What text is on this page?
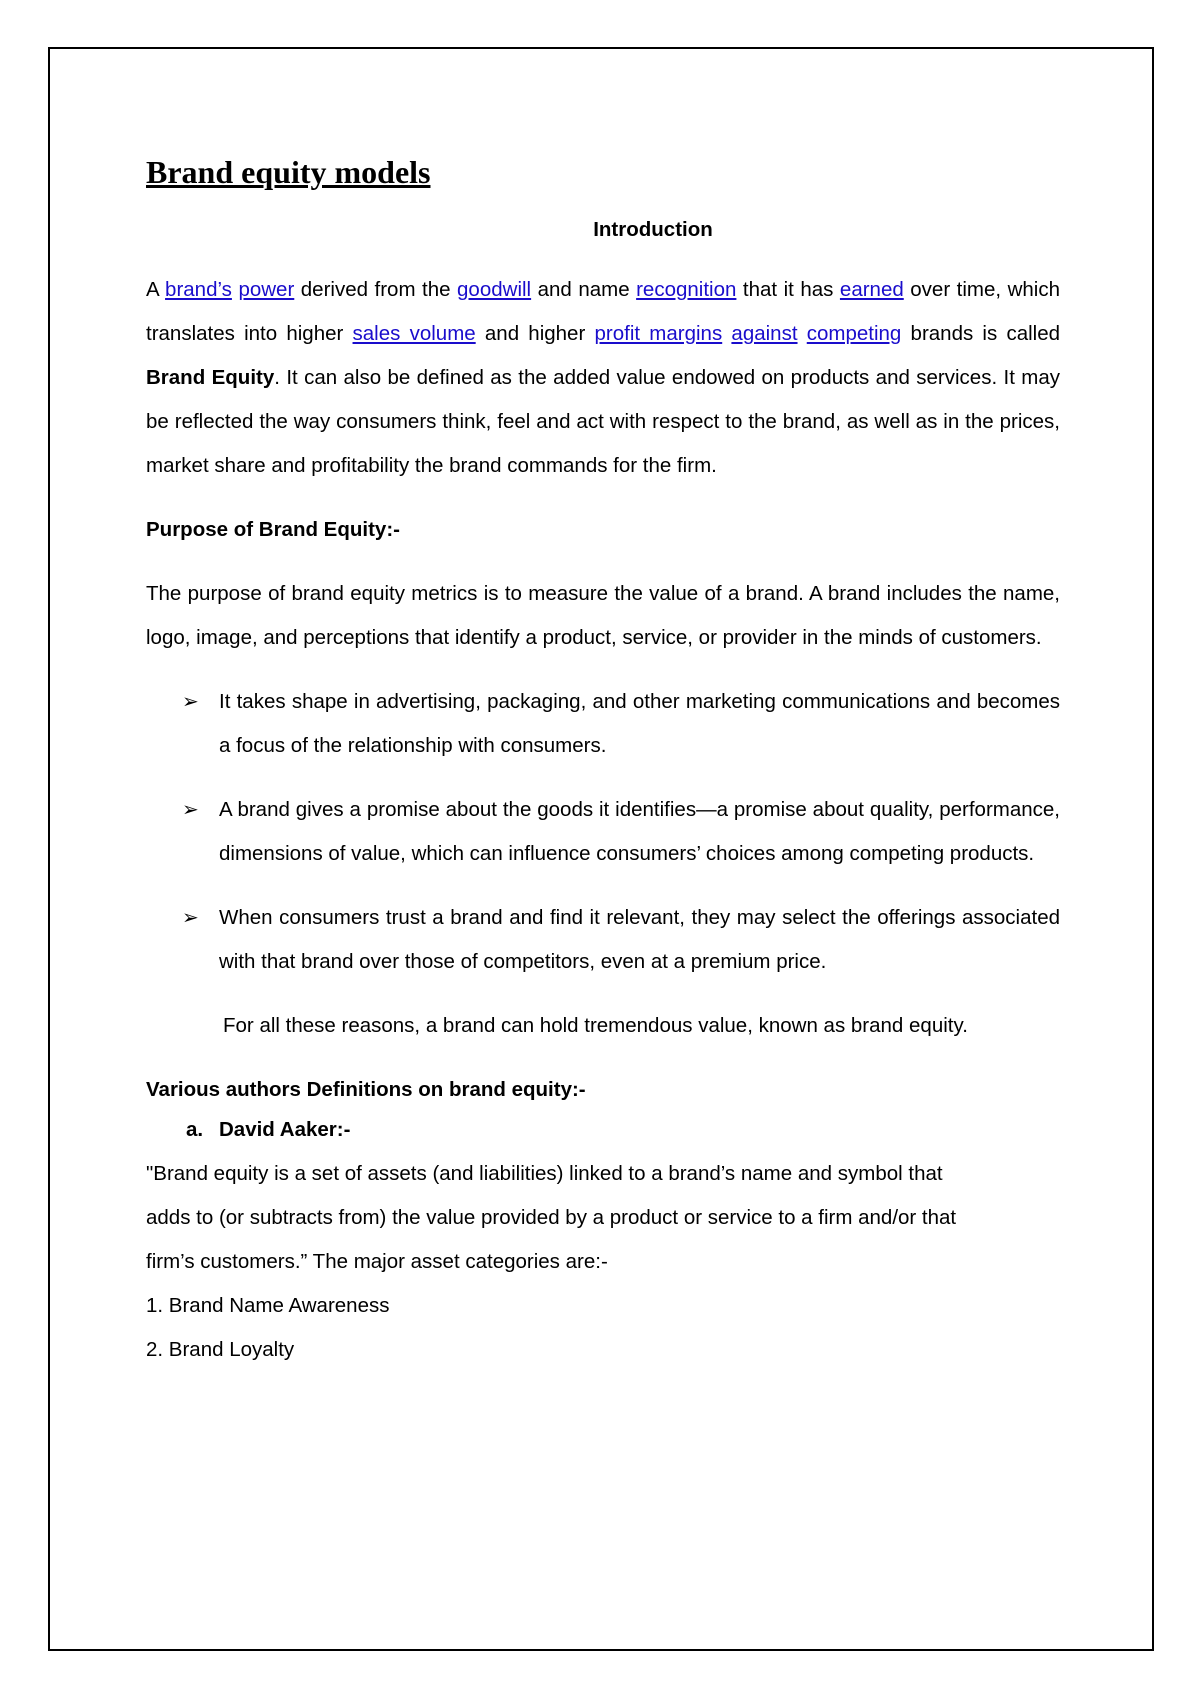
Brand equity models
Introduction

A brand’s power derived from the goodwill and name recognition that it has earned over time, which translates into higher sales volume and higher profit margins against competing brands is called Brand Equity. It can also be defined as the added value endowed on products and services. It may be reflected the way consumers think, feel and act with respect to the brand, as well as in the prices, market share and profitability the brand commands for the firm.

Purpose of Brand Equity:-

The purpose of brand equity metrics is to measure the value of a brand. A brand includes the name, logo, image, and perceptions that identify a product, service, or provider in the minds of customers.

➢ It takes shape in advertising, packaging, and other marketing communications and becomes a focus of the relationship with consumers.
➢ A brand gives a promise about the goods it identifies—a promise about quality, performance, dimensions of value, which can influence consumers’ choices among competing products.
➢ When consumers trust a brand and find it relevant, they may select the offerings associated with that brand over those of competitors, even at a premium price.
For all these reasons, a brand can hold tremendous value, known as brand equity.
Various authors Definitions on brand equity:-
a. David Aaker:-
"Brand equity is a set of assets (and liabilities) linked to a brand’s name and symbol that
adds to (or subtracts from) the value provided by a product or service to a firm and/or that
firm’s customers.” The major asset categories are:-
1. Brand Name Awareness
2. Brand Loyalty
